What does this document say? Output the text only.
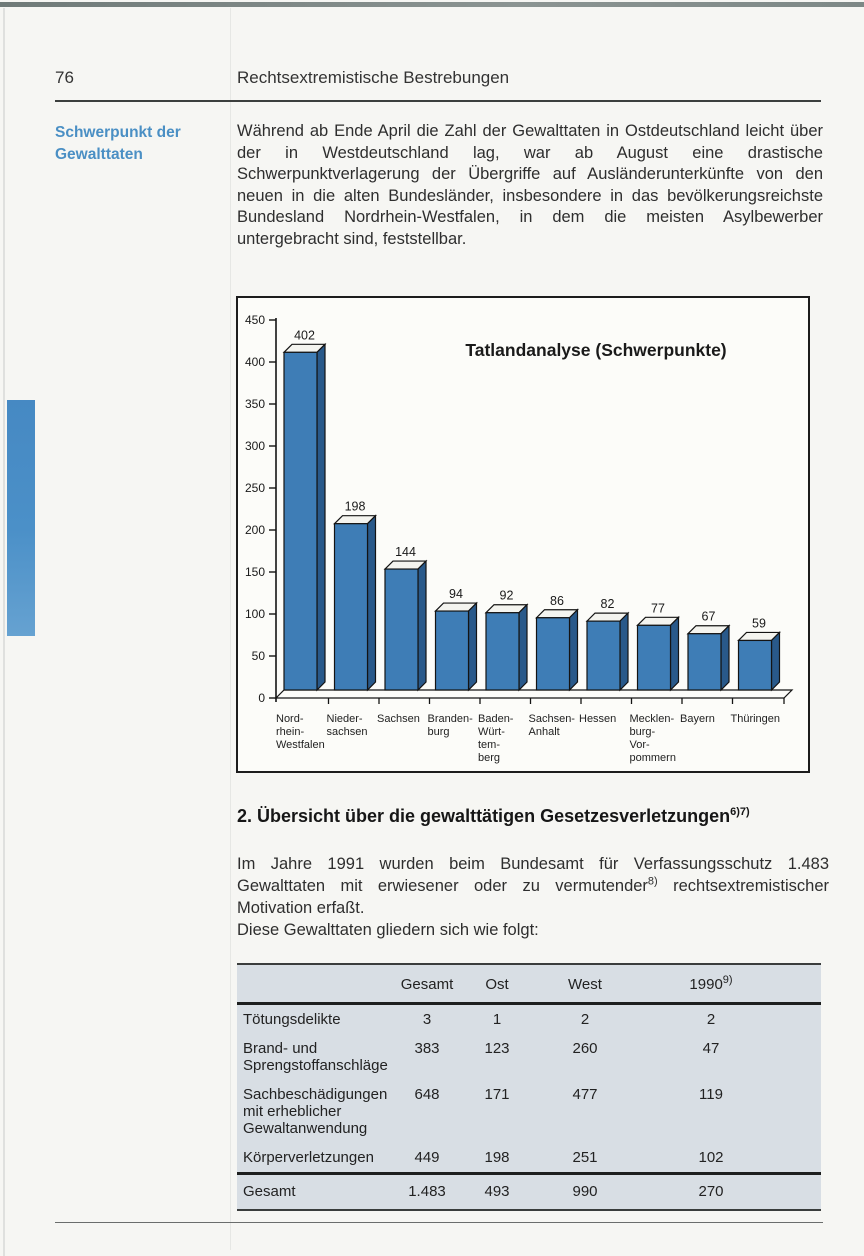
76	Rechtsextremistische Bestrebungen
Schwerpunkt der Gewalttaten
Während ab Ende April die Zahl der Gewalttaten in Ostdeutschland leicht über der in Westdeutschland lag, war ab August eine drastische Schwerpunktverlagerung der Übergriffe auf Ausländerunterkünfte von den neuen in die alten Bundesländer, insbesondere in das bevölkerungsreichste Bundesland Nordrhein-Westfalen, in dem die meisten Asylbewerber untergebracht sind, feststellbar.
Tatlandanalyse (Schwerpunkte)
450
400
350
300
250
200
150
100
50
0
402
Nord-
rhein-
Westfalen
198
Nieder-
sachsen
144
Sachsen
94
Branden-
burg
92
Baden-
Würt-
tem-
berg
86
Sachsen-
Anhalt
82
Hessen
77
Mecklen-
burg-
Vor-
pommern
67
Bayern
59
Thüringen
2. Übersicht über die gewalttätigen Gesetzesverletzungen$^{6)7)}$
Im Jahre 1991 wurden beim Bundesamt für Verfassungsschutz 1.483 Gewalttaten mit erwiesener oder zu vermutender$^{8)}$ rechtsextremistischer Motivation erfaßt.
Diese Gewalttaten gliedern sich wie folgt:
Gesamt	Ost	West	1990$^{9)}$
Tötungsdelikte	3	1	2	2
Brand- und
Sprengstoffanschläge
383	123	260	47
Sachbeschädigungen
mit erheblicher
Gewaltanwendung
648	171	477	119
Körperverletzungen	449	198	251	102
Gesamt	1.483	493	990	270
